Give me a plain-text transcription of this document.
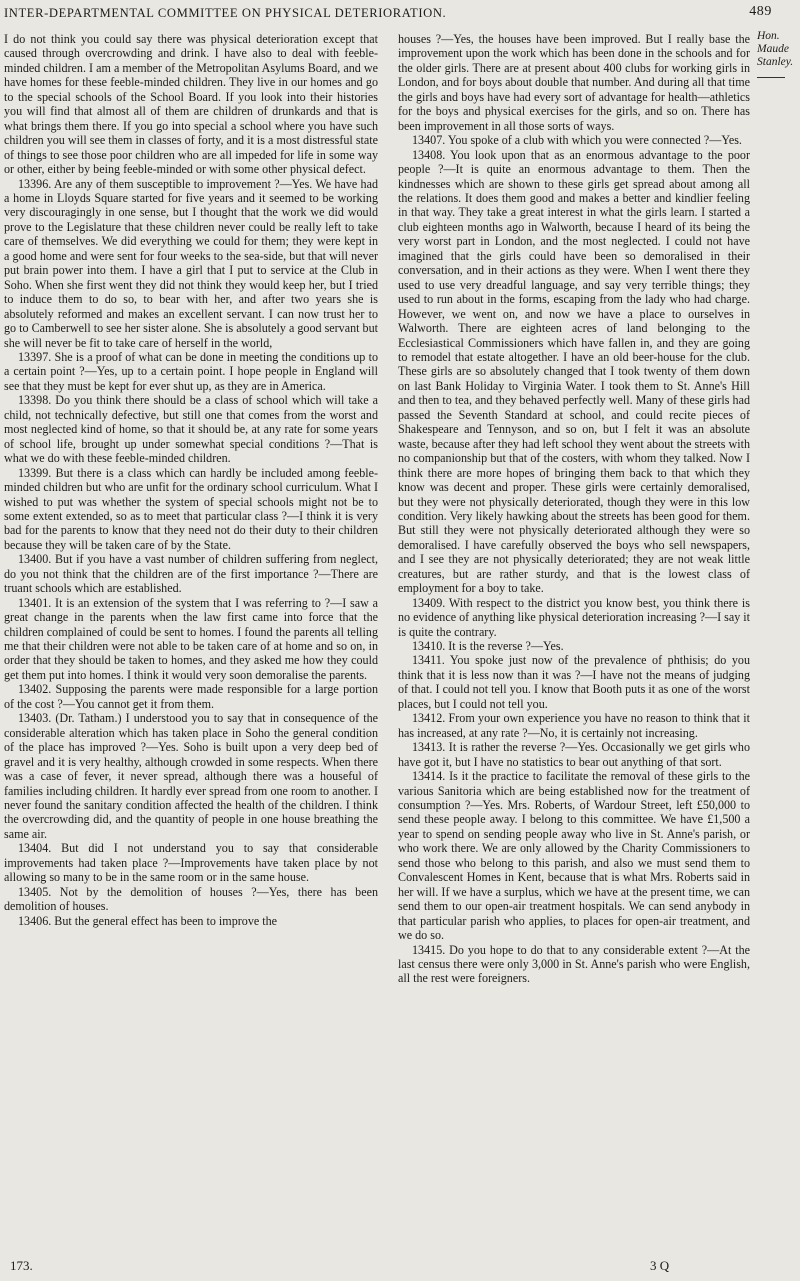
INTER-DEPARTMENTAL COMMITTEE ON PHYSICAL DETERIORATION.	489

I do not think you could say there was physical deterioration except that caused through overcrowding and drink. I have also to deal with feeble-minded children. I am a member of the Metropolitan Asylums Board, and we have homes for these feeble-minded children. They live in our homes and go to the special schools of the School Board. If you look into their histories you will find that almost all of them are children of drunkards and that is what brings them there. If you go into special a school where you have such children you will see them in classes of forty, and it is a most distressful state of things to see those poor children who are all impeded for life in some way or other, either by being feeble-minded or with some other physical defect.

13396. Are any of them susceptible to improvement ?—Yes. We have had a home in Lloyds Square started for five years and it seemed to be working very discouragingly in one sense, but I thought that the work we did would prove to the Legislature that these children never could be really left to take care of themselves. We did everything we could for them; they were kept in a good home and were sent for four weeks to the sea-side, but that will never put brain power into them. I have a girl that I put to service at the Club in Soho. When she first went they did not think they would keep her, but I tried to induce them to do so, to bear with her, and after two years she is absolutely reformed and makes an excellent servant. I can now trust her to go to Camberwell to see her sister alone. She is absolutely a good servant but she will never be fit to take care of herself in the world,

13397. She is a proof of what can be done in meeting the conditions up to a certain point ?—Yes, up to a certain point. I hope people in England will see that they must be kept for ever shut up, as they are in America.

13398. Do you think there should be a class of school which will take a child, not technically defective, but still one that comes from the worst and most neglected kind of home, so that it should be, at any rate for some years of school life, brought up under somewhat special conditions ?—That is what we do with these feeble-minded children.

13399. But there is a class which can hardly be included among feeble-minded children but who are unfit for the ordinary school curriculum. What I wished to put was whether the system of special schools might not be to some extent extended, so as to meet that particular class ?—I think it is very bad for the parents to know that they need not do their duty to their children because they will be taken care of by the State.

13400. But if you have a vast number of children suffering from neglect, do you not think that the children are of the first importance ?—There are truant schools which are established.

13401. It is an extension of the system that I was referring to ?—I saw a great change in the parents when the law first came into force that the children complained of could be sent to homes. I found the parents all telling me that their children were not able to be taken care of at home and so on, in order that they should be taken to homes, and they asked me how they could get them put into homes. I think it would very soon demoralise the parents.

13402. Supposing the parents were made responsible for a large portion of the cost ?—You cannot get it from them.

13403. (Dr. Tatham.) I understood you to say that in consequence of the considerable alteration which has taken place in Soho the general condition of the place has improved ?—Yes. Soho is built upon a very deep bed of gravel and it is very healthy, although crowded in some respects. When there was a case of fever, it never spread, although there was a houseful of families including children. It hardly ever spread from one room to another. I never found the sanitary condition affected the health of the children. I think the overcrowding did, and the quantity of people in one house breathing the same air.

13404. But did I not understand you to say that considerable improvements had taken place ?—Improvements have taken place by not allowing so many to be in the same room or in the same house.

13405. Not by the demolition of houses ?—Yes, there has been demolition of houses.

13406. But the general effect has been to improve the

houses ?—Yes, the houses have been improved. But I really base the improvement upon the work which has been done in the schools and for the older girls. There are at present about 400 clubs for working girls in London, and for boys about double that number. And during all that time the girls and boys have had every sort of advantage for health—athletics for the boys and physical exercises for the girls, and so on. There has been improvement in all those sorts of ways.

13407. You spoke of a club with which you were connected ?—Yes.

13408. You look upon that as an enormous advantage to the poor people ?—It is quite an enormous advantage to them. Then the kindnesses which are shown to these girls get spread about among all the relations. It does them good and makes a better and kindlier feeling in that way. They take a great interest in what the girls learn. I started a club eighteen months ago in Walworth, because I heard of its being the very worst part in London, and the most neglected. I could not have imagined that the girls could have been so demoralised in their conversation, and in their actions as they were. When I went there they used to use very dreadful language, and say very terrible things; they used to run about in the forms, escaping from the lady who had charge. However, we went on, and now we have a place to ourselves in Walworth. There are eighteen acres of land belonging to the Ecclesiastical Commissioners which have fallen in, and they are going to remodel that estate altogether. I have an old beer-house for the club. These girls are so absolutely changed that I took twenty of them down on last Bank Holiday to Virginia Water. I took them to St. Anne's Hill and then to tea, and they behaved perfectly well. Many of these girls had passed the Seventh Standard at school, and could recite pieces of Shakespeare and Tennyson, and so on, but I felt it was an absolute waste, because after they had left school they went about the streets with no companionship but that of the costers, with whom they talked. Now I think there are more hopes of bringing them back to that which they know was decent and proper. These girls were certainly demoralised, but they were not physically deteriorated, though they were in this low condition. Very likely hawking about the streets has been good for them. But still they were not physically deteriorated although they were so demoralised. I have carefully observed the boys who sell newspapers, and I see they are not physically deteriorated; they are not weak little creatures, but are rather sturdy, and that is the lowest class of employment for a boy to take.

13409. With respect to the district you know best, you think there is no evidence of anything like physical deterioration increasing ?—I say it is quite the contrary.

13410. It is the reverse ?—Yes.

13411. You spoke just now of the prevalence of phthisis; do you think that it is less now than it was ?—I have not the means of judging of that. I could not tell you. I know that Booth puts it as one of the worst places, but I could not tell you.

13412. From your own experience you have no reason to think that it has increased, at any rate ?—No, it is certainly not increasing.

13413. It is rather the reverse ?—Yes. Occasionally we get girls who have got it, but I have no statistics to bear out anything of that sort.

13414. Is it the practice to facilitate the removal of these girls to the various Sanitoria which are being established now for the treatment of consumption ?—Yes. Mrs. Roberts, of Wardour Street, left £50,000 to send these people away. I belong to this committee. We have £1,500 a year to spend on sending people away who live in St. Anne's parish, or who work there. We are only allowed by the Charity Commissioners to send those who belong to this parish, and also we must send them to Convalescent Homes in Kent, because that is what Mrs. Roberts said in her will. If we have a surplus, which we have at the present time, we can send them to our open-air treatment hospitals. We can send anybody in that particular parish who applies, to places for open-air treatment, and we do so.

13415. Do you hope to do that to any considerable extent ?—At the last census there were only 3,000 in St. Anne's parish who were English, all the rest were foreigners.

Hon. Maude
Stanley.
173.	3 Q
